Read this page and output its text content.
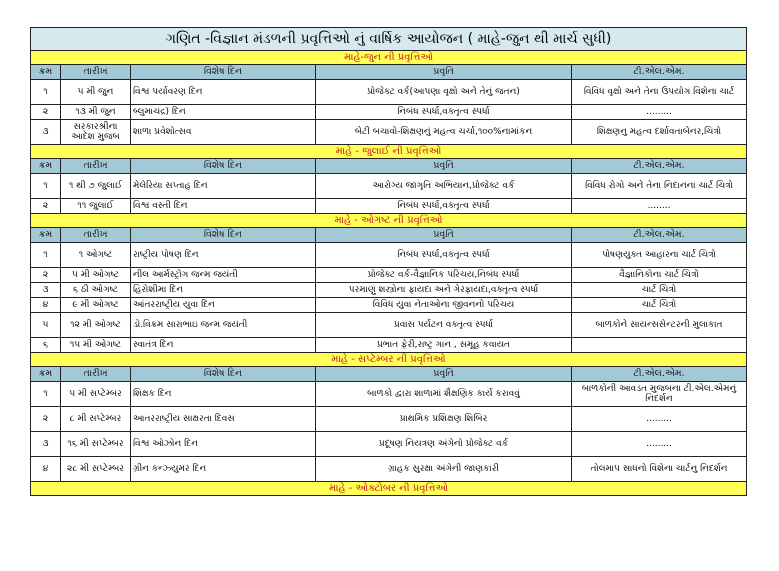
ગણિત -વિજ્ઞાન મંડળની પ્રવૃત્તિઓ નું વાર્ષિક આયોજન ( માહે-જુન થી માર્ચ સુધી)				
માહે-જુન ની પ્રવૃત્તિઓ				
ક્રમ	તારીખ	વિશેષ દિન	પ્રવૃતિ	ટી.એલ.એમ.
૧	૫ મી જુન	વિશ્વ પર્યાવરણ દિન	પ્રોજેક્ટ વર્ક(આપણા વૃક્ષો અને તેનું જતન)	વિવિધ વૃક્ષો અને તેના ઉપયોગ વિશેના ચાર્ટ
૨	૧૩ મી જુન	બ્લુમાચંદ્ર) દિન	નિબંધ સ્પર્ધા,વક્તૃત્વ સ્પર્ધા	.........
૩	સરકારશ્રીના આદેશ મુજબ	શાળા પ્રવેશોત્સવ	બેટી બચાવો-શિક્ષણનું મહત્વ ચર્ચા,૧૦૦%નામાંકન	શિક્ષણનુ મહત્વ દર્શાવતાબેનર,ચિત્રો
માહે - જુલાઈ ની પ્રવૃત્તિઓ				
ક્રમ	તારીખ	વિશેષ દિન	પ્રવૃતિ	ટી.એલ.એમ.
૧	૧ થી ૭ જુલાઈ	મેલેરિયા સપ્તાહ દિન	આરોગ્ય જાગૃતિ અભિયાન,પ્રોજેક્ટ વર્ક	વિવિધ રોગો અને તેના નિદાનના ચાર્ટ ચિત્રો
૨	૧૧ જુલાઈ	વિશ્વ વસ્તી દિન	નિબંધ સ્પર્ધા,વક્તૃત્વ સ્પર્ધા	........
માહે - ઓગષ્ટ ની પ્રવૃત્તિઓ				
ક્રમ	તારીખ	વિશેષ દિન	પ્રવૃતિ	ટી.એલ.એમ.
૧	૧ ઓગષ્ટ	રાષ્ટ્રીય પોષણ દિન	નિબંધ સ્પર્ધા,વક્તૃત્વ સ્પર્ધા	પોષણયુક્ત આહારના ચાર્ટ ચિત્રો
૨	૫ મી ઓગષ્ટ	નીલ આર્મસ્ટ્રોંગ જન્મ જયંતી	પ્રોજેક્ટ વર્ક-વૈજ્ઞાનિક પરિચય,નિબંધ સ્પર્ધા	વૈજ્ઞાનિકોના ચાર્ટ ચિત્રો
૩	૬ ઠી ઓગષ્ટ	હિરોશીમા દિન	પરમાણું શસ્ત્રોના ફાયદા અને ગેરફાયદા,વક્તૃત્વ સ્પર્ધા	ચાર્ટ ચિત્રો
૪	૯ મી ઓગષ્ટ	આંતરરાષ્ટ્રીય યુવા દિન	વિવિધ યુવા નેતાઓના જીવનનો પરિચય	ચાર્ટ ચિત્રો
૫	૧૨ મી ઓગષ્ટ	ડો.વિક્રમ સારાભાઇ જન્મ જયંતી	પ્રવાસ પર્યટન વક્તૃત્વ સ્પર્ધા	બાળકોને સાયન્સસેન્ટરની મુલાકાત
૬	૧૫ મી ઓગષ્ટ	સ્વાતંત્ર દિન	પ્રભાત ફેરી,રાષ્ટ્ર ગાન , સમૂહ કવાયત	
માહે - સપ્ટેમ્બર ની પ્રવૃત્તિઓ				
ક્રમ	તારીખ	વિશેષ દિન	પ્રવૃતિ	ટી.એલ.એમ.
૧	૫ મી સપ્ટેમ્બર	શિક્ષક દિન	બાળકો દ્વારા શાળામાં શૈક્ષણિક કાર્ય કરાવવું	બાળકોની આવડત મુજબના ટી.એલ.એમનું નિદર્શન
૨	૮ મી સપ્ટેમ્બર	આતરરાષ્ટ્રીય સાક્ષરતા દિવસ	પ્રાથમિક પ્રશિક્ષણ શિબિર	.........
૩	૧૬ મી સપ્ટેમ્બર	વિશ્વ ઓઝોન દિન	પ્રદૂષણ નિયત્રણ અંગેનો પ્રોજેક્ટ વર્ક	.........
૪	૨૮ મી સપ્ટેમ્બર	ગ્રીન કન્ઝ્યુમર દિન	ગ્રાહક સુરક્ષા અંગેની જાણકારી	તોલમાપ સાધનો વિશેના ચાર્ટનુ નિદર્શન
માહે - ઓક્ટોબર ની પ્રવૃત્તિઓ				
